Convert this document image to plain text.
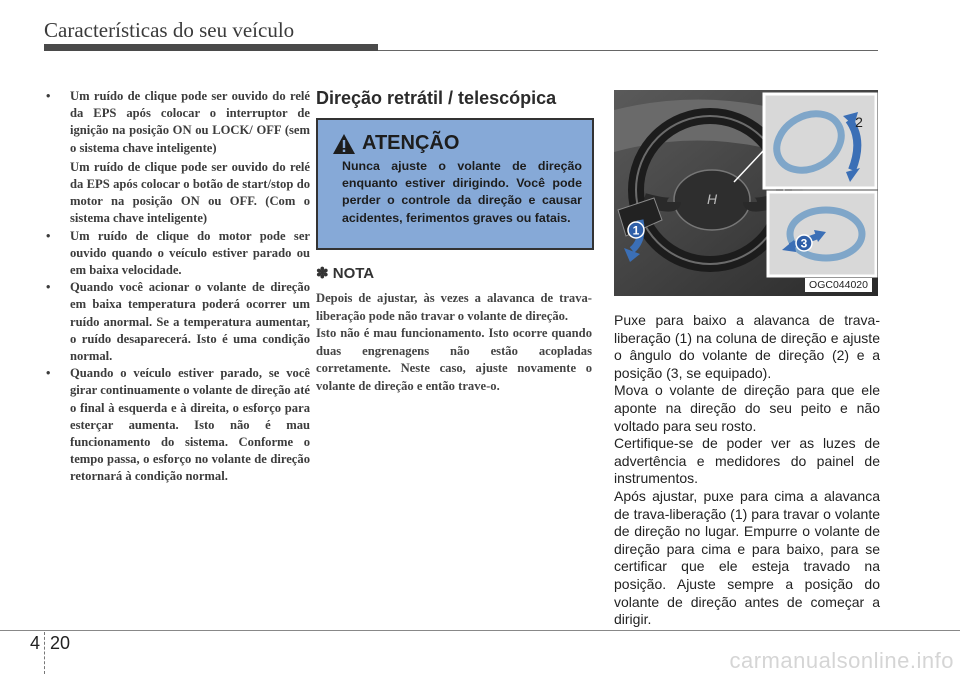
Características do seu veículo
• Um ruído de clique pode ser ouvido do relé da EPS após colocar o interruptor de ignição na posição ON ou LOCK/ OFF (sem o sistema chave inteligente)

Um ruído de clique pode ser ouvido do relé da EPS após colocar o botão de start/stop do motor na posição ON ou OFF. (Com o sistema chave inteligente)

• Um ruído de clique do motor pode ser ouvido quando o veículo estiver parado ou em baixa velocidade.

• Quando você acionar o volante de direção em baixa temperatura poderá ocorrer um ruído anormal. Se a temperatura aumentar, o ruído desaparecerá. Isto é uma condição normal.

• Quando o veículo estiver parado, se você girar continuamente o volante de direção até o final à esquerda e à direita, o esforço para esterçar aumenta. Isto não é mau funcionamento do sistema. Conforme o tempo passa, o esforço no volante de direção retornará à condição normal.

Direção retrátil / telescópica
ATENÇÃO
Nunca ajuste o volante de direção enquanto estiver dirigindo. Você pode perder o controle da direção e causar acidentes, ferimentos graves ou fatais.
✽ NOTA

Depois de ajustar, às vezes a alavanca de trava-liberação pode não travar o volante de direção.

Isto não é mau funcionamento. Isto ocorre quando duas engrenagens não estão acopladas corretamente. Neste caso, ajuste novamente o volante de direção e então trave-o.

H
1
2
3
OGC044020

Puxe para baixo a alavanca de trava-liberação (1) na coluna de direção e ajuste o ângulo do volante de direção (2) e a posição (3, se equipado).

Mova o volante de direção para que ele aponte na direção do seu peito e não voltado para seu rosto.

Certifique-se de poder ver as luzes de advertência e medidores do painel de instrumentos.

Após ajustar, puxe para cima a alavanca de trava-liberação (1) para travar o volante de direção no lugar. Empurre o volante de direção para cima e para baixo, para se certificar que ele esteja travado na posição. Ajuste sempre a posição do volante de direção antes de começar a dirigir.

4 20
carmanualsonline.info
